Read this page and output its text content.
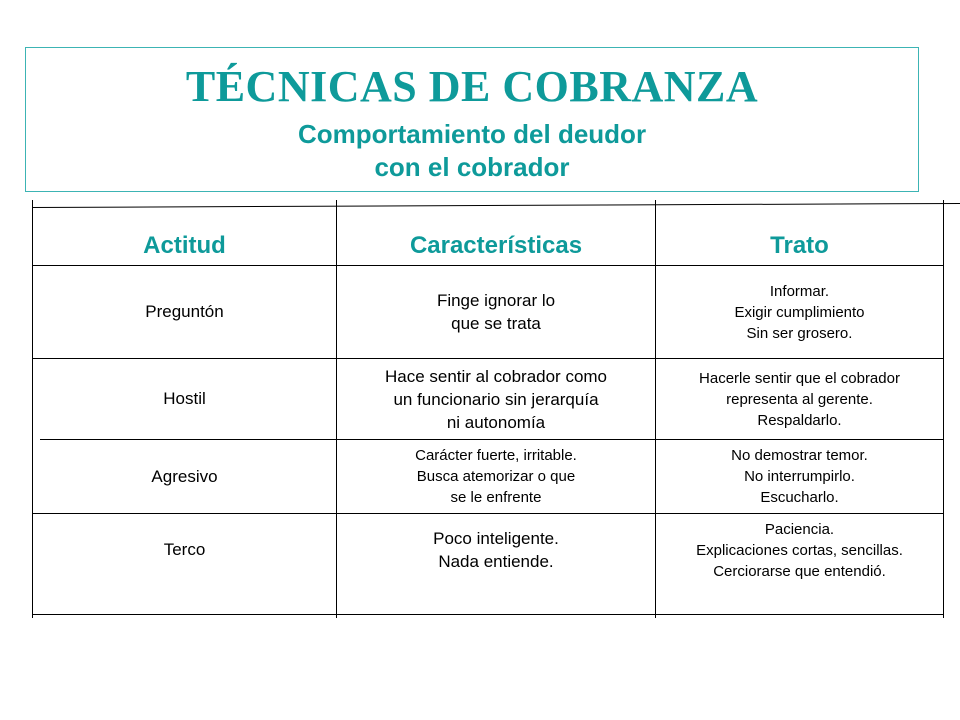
TÉCNICAS DE COBRANZA
Comportamiento del deudor
con el cobrador
Actitud	Características	Trato
Preguntón
Finge ignorar lo
que se trata
Informar.
Exigir cumplimiento
Sin ser grosero.
Hostil
Hace sentir al cobrador como
un funcionario sin jerarquía
ni autonomía
Hacerle sentir que el cobrador
representa al gerente.
Respaldarlo.
Agresivo
Carácter fuerte, irritable.
Busca atemorizar o que
se le enfrente
No demostrar temor.
No interrumpirlo.
Escucharlo.
Terco
Poco inteligente.
Nada entiende.
Paciencia.
Explicaciones cortas, sencillas.
Cerciorarse que entendió.
